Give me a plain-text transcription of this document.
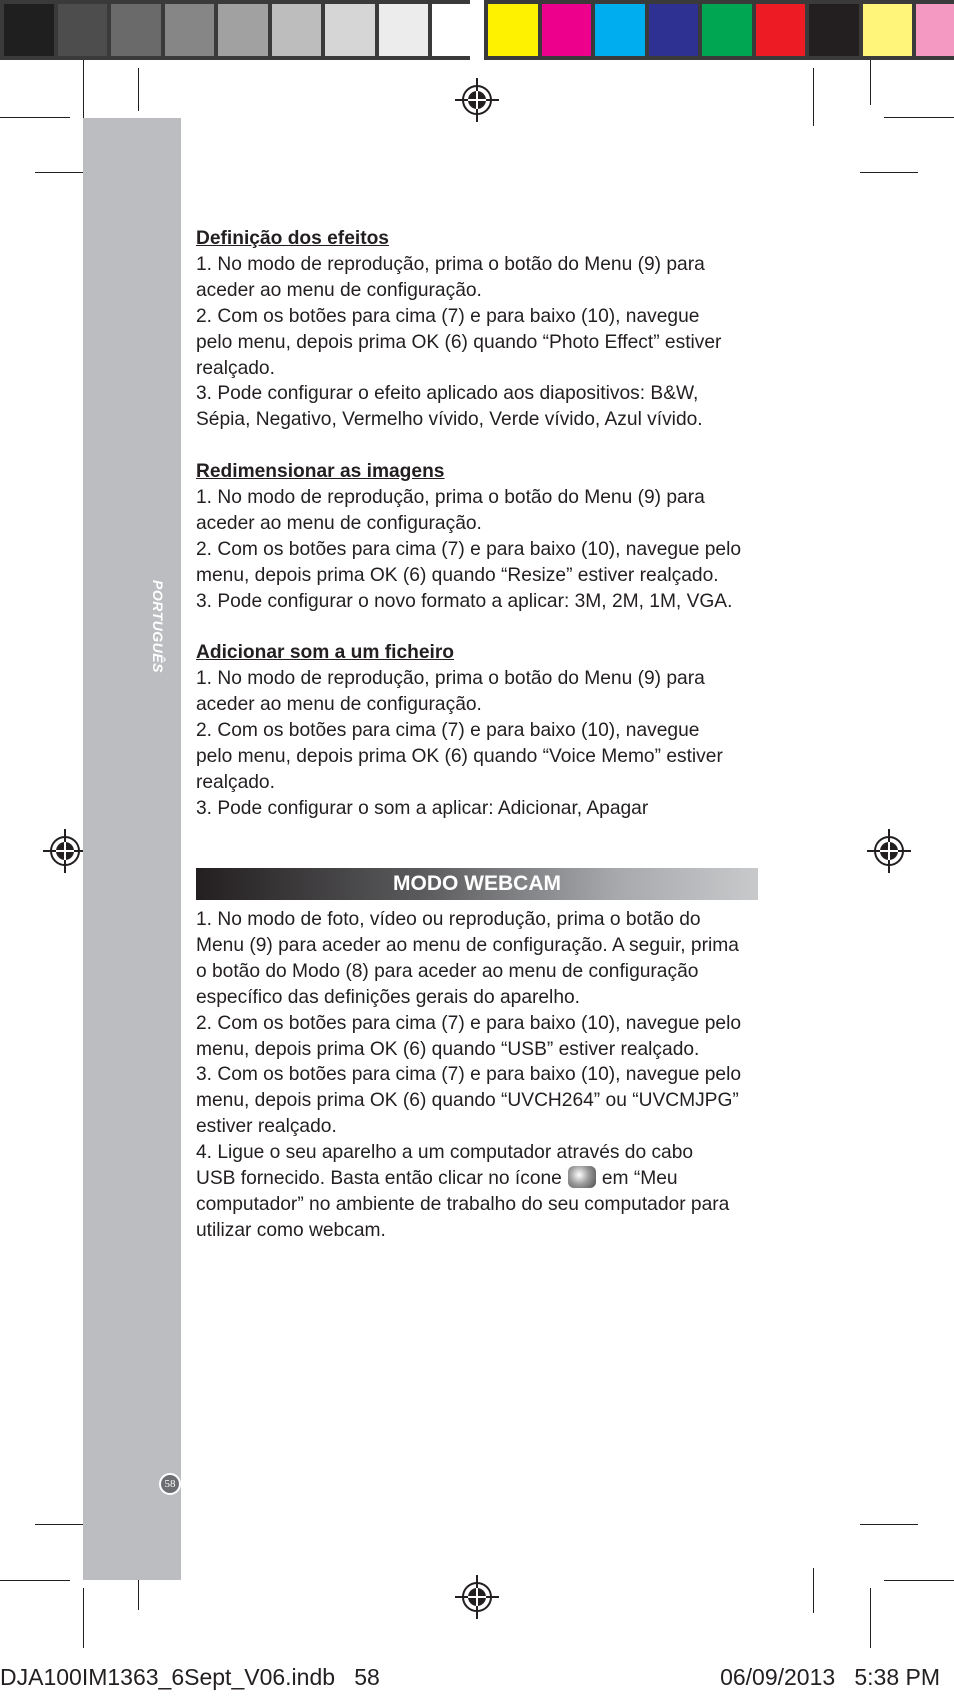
PORTUGUÊS
58
Definição dos efeitos
1. No modo de reprodução, prima o botão do Menu (9) para
aceder ao menu de configuração.
2. Com os botões para cima (7) e para baixo (10), navegue
pelo menu, depois prima OK (6) quando “Photo Effect” estiver
realçado.
3. Pode configurar o efeito aplicado aos diapositivos: B&W,
Sépia, Negativo, Vermelho vívido, Verde vívido, Azul vívido.
Redimensionar as imagens
1. No modo de reprodução, prima o botão do Menu (9) para
aceder ao menu de configuração.
2. Com os botões para cima (7) e para baixo (10), navegue pelo
menu, depois prima OK (6) quando “Resize” estiver realçado.
3. Pode configurar o novo formato a aplicar: 3M, 2M, 1M, VGA.
Adicionar som a um ficheiro
1. No modo de reprodução, prima o botão do Menu (9) para
aceder ao menu de configuração.
2. Com os botões para cima (7) e para baixo (10), navegue
pelo menu, depois prima OK (6) quando “Voice Memo” estiver
realçado.
3. Pode configurar o som a aplicar: Adicionar, Apagar
MODO WEBCAM
1. No modo de foto, vídeo ou reprodução, prima o botão do
Menu (9) para aceder ao menu de configuração. A seguir, prima
o botão do Modo (8) para aceder ao menu de configuração
específico das definições gerais do aparelho.
2. Com os botões para cima (7) e para baixo (10), navegue pelo
menu, depois prima OK (6) quando “USB” estiver realçado.
3. Com os botões para cima (7) e para baixo (10), navegue pelo
menu, depois prima OK (6) quando “UVCH264” ou “UVCMJPG”
estiver realçado.
4. Ligue o seu aparelho a um computador através do cabo
USB fornecido. Basta então clicar no ícone em “Meu
computador” no ambiente de trabalho do seu computador para
utilizar como webcam.
DJA100IM1363_6Sept_V06.indb   58	06/09/2013   5:38 PM
